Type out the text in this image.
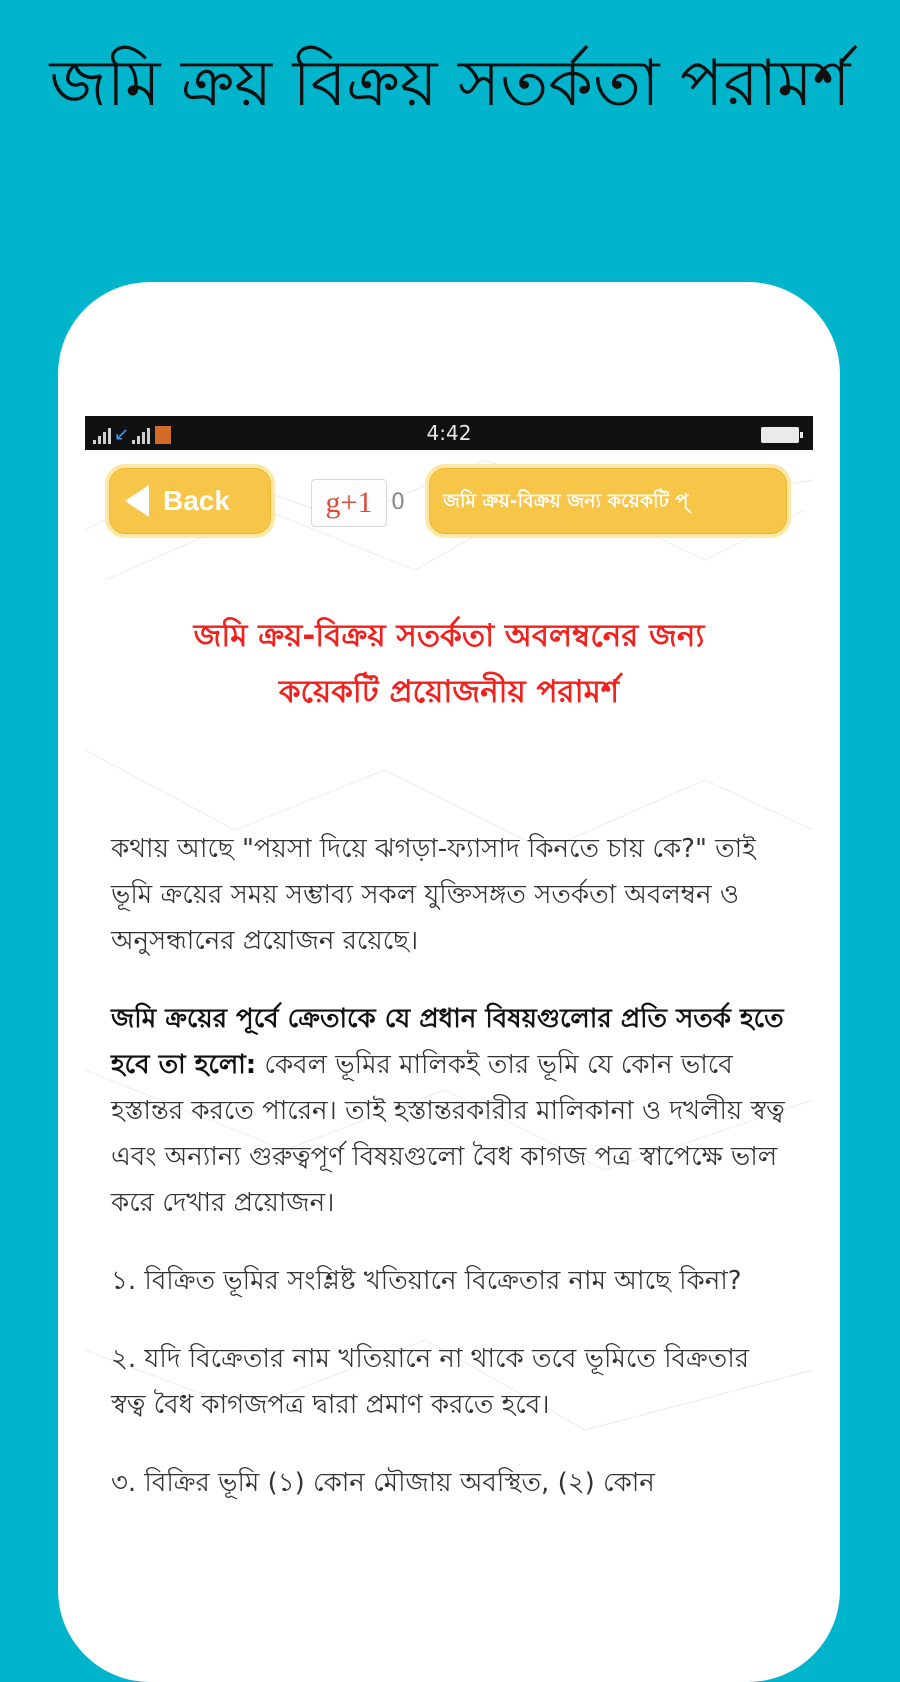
জমি ক্রয় বিক্রয় সতর্কতা পরামর্শ
↙	4:42
Back	g+1 0	জমি ক্রয়-বিক্রয় জন্য কয়েকটি প্
জমি ক্রয়-বিক্রয় সতর্কতা অবলম্বনের জন্য
কয়েকটি প্রয়োজনীয় পরামর্শ

কথায় আছে "পয়সা দিয়ে ঝগড়া-ফ্যাসাদ কিনতে চায় কে?" তাই ভূমি ক্রয়ের সময় সম্ভাব্য সকল যুক্তিসঙ্গত সতর্কতা অবলম্বন ও অনুসন্ধানের প্রয়োজন রয়েছে।

জমি ক্রয়ের পূর্বে ক্রেতাকে যে প্রধান বিষয়গুলোর প্রতি সতর্ক হতে হবে তা হলো: কেবল ভূমির মালিকই তার ভূমি যে কোন ভাবে হস্তান্তর করতে পারেন। তাই হস্তান্তরকারীর মালিকানা ও দখলীয় স্বত্ব এবং অন্যান্য গুরুত্বপূর্ণ বিষয়গুলো বৈধ কাগজ পত্র স্বাপেক্ষে ভাল করে দেখার প্রয়োজন।

১. বিক্রিত ভূমির সংশ্লিষ্ট খতিয়ানে বিক্রেতার নাম আছে কিনা?

২. যদি বিক্রেতার নাম খতিয়ানে না থাকে তবে ভূমিতে বিক্রতার স্বত্ব বৈধ কাগজপত্র দ্বারা প্রমাণ করতে হবে।

৩. বিক্রির ভূমি (১) কোন মৌজায় অবস্থিত, (২) কোন
